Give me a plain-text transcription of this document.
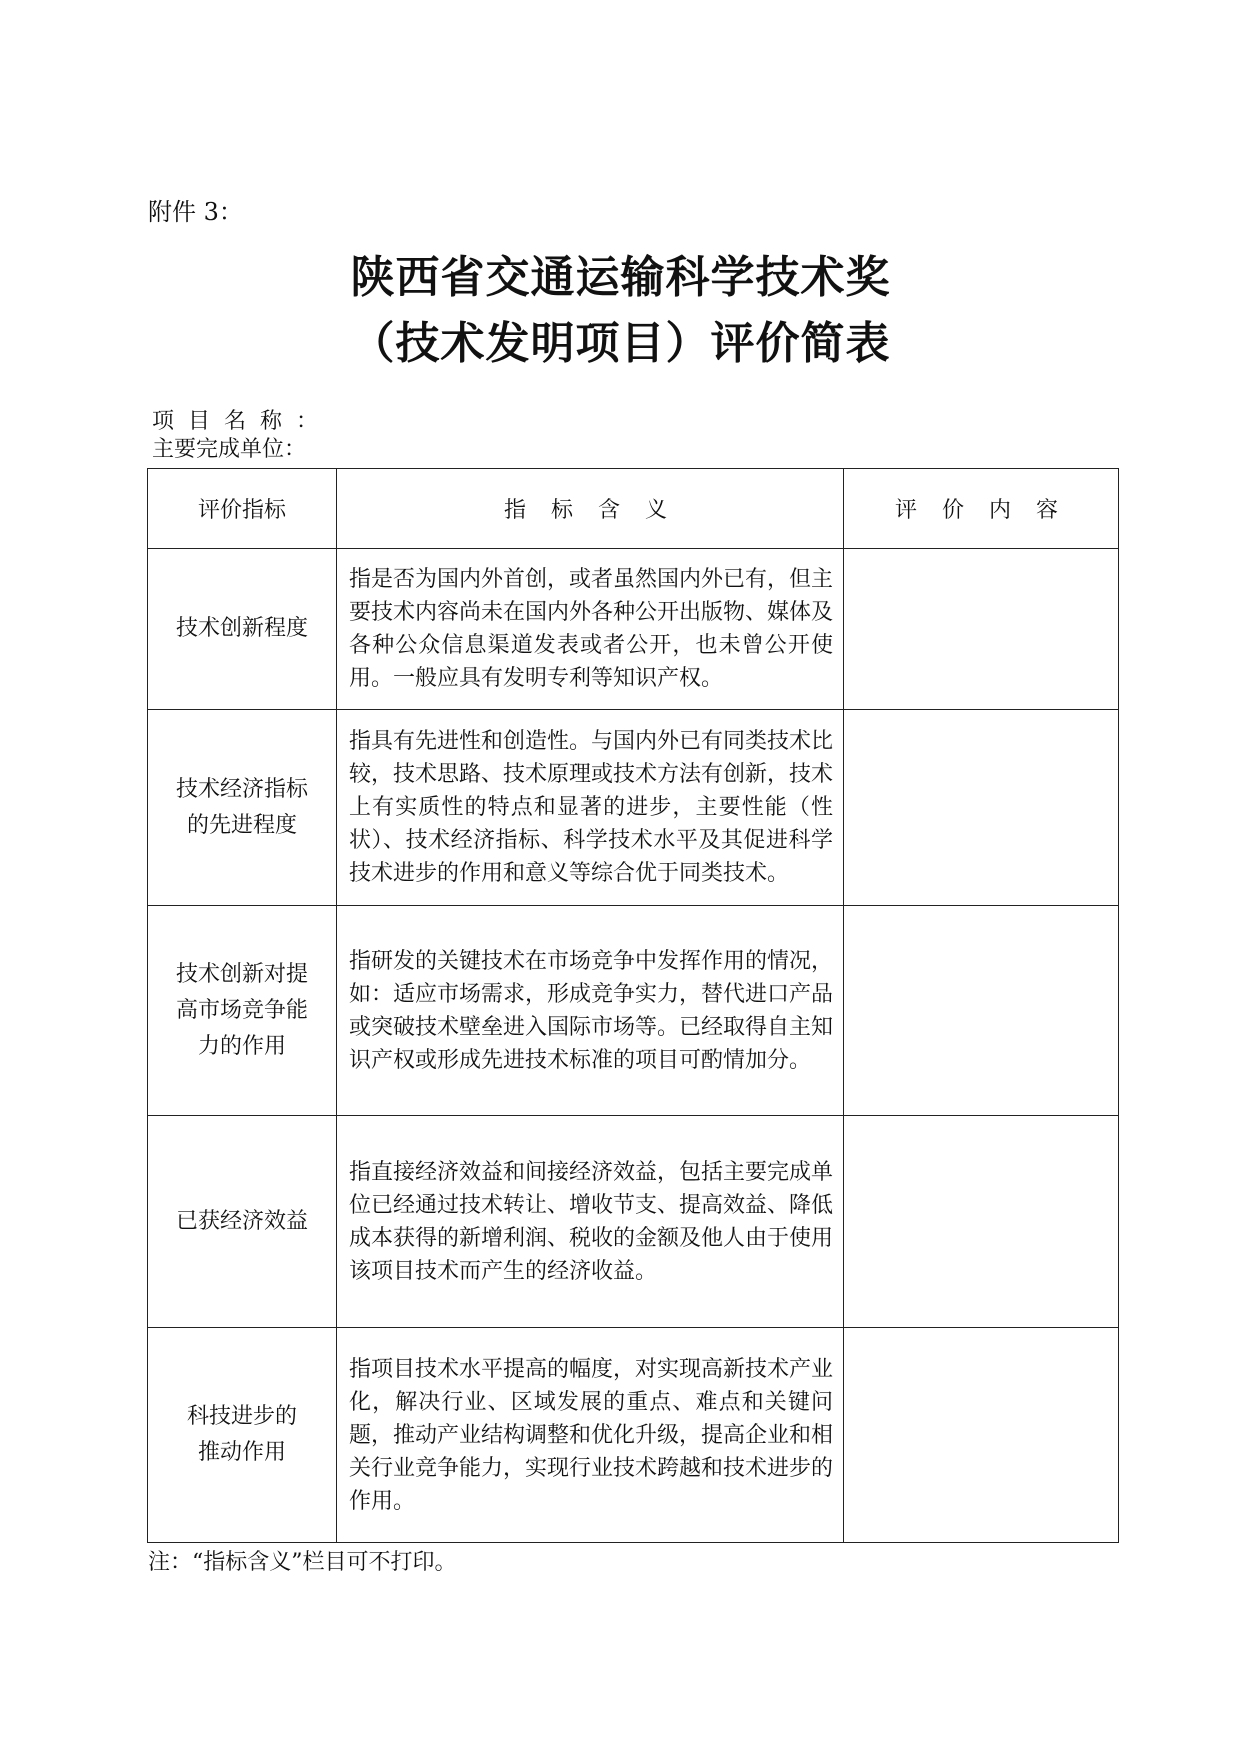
附件 3：
陕西省交通运输科学技术奖
（技术发明项目）评价简表
项目名称：
主要完成单位：
评价指标	指 标 含 义	评 价 内 容

技术创新程度	指是否为国内外首创，或者虽然国内外已有，但主要技术内容尚未在国内外各种公开出版物、媒体及各种公众信息渠道发表或者公开，也未曾公开使用。一般应具有发明专利等知识产权。	

技术经济指标
的先进程度	指具有先进性和创造性。与国内外已有同类技术比较，技术思路、技术原理或技术方法有创新，技术上有实质性的特点和显著的进步，主要性能（性状）、技术经济指标、科学技术水平及其促进科学技术进步的作用和意义等综合优于同类技术。	

技术创新对提
高市场竞争能
力的作用	指研发的关键技术在市场竞争中发挥作用的情况，如：适应市场需求，形成竞争实力，替代进口产品或突破技术壁垒进入国际市场等。已经取得自主知识产权或形成先进技术标准的项目可酌情加分。	

已获经济效益	指直接经济效益和间接经济效益，包括主要完成单位已经通过技术转让、增收节支、提高效益、降低成本获得的新增利润、税收的金额及他人由于使用该项目技术而产生的经济收益。	

科技进步的
推动作用	指项目技术水平提高的幅度，对实现高新技术产业化，解决行业、区域发展的重点、难点和关键问题，推动产业结构调整和优化升级，提高企业和相关行业竞争能力，实现行业技术跨越和技术进步的作用。	
注：“指标含义”栏目可不打印。
